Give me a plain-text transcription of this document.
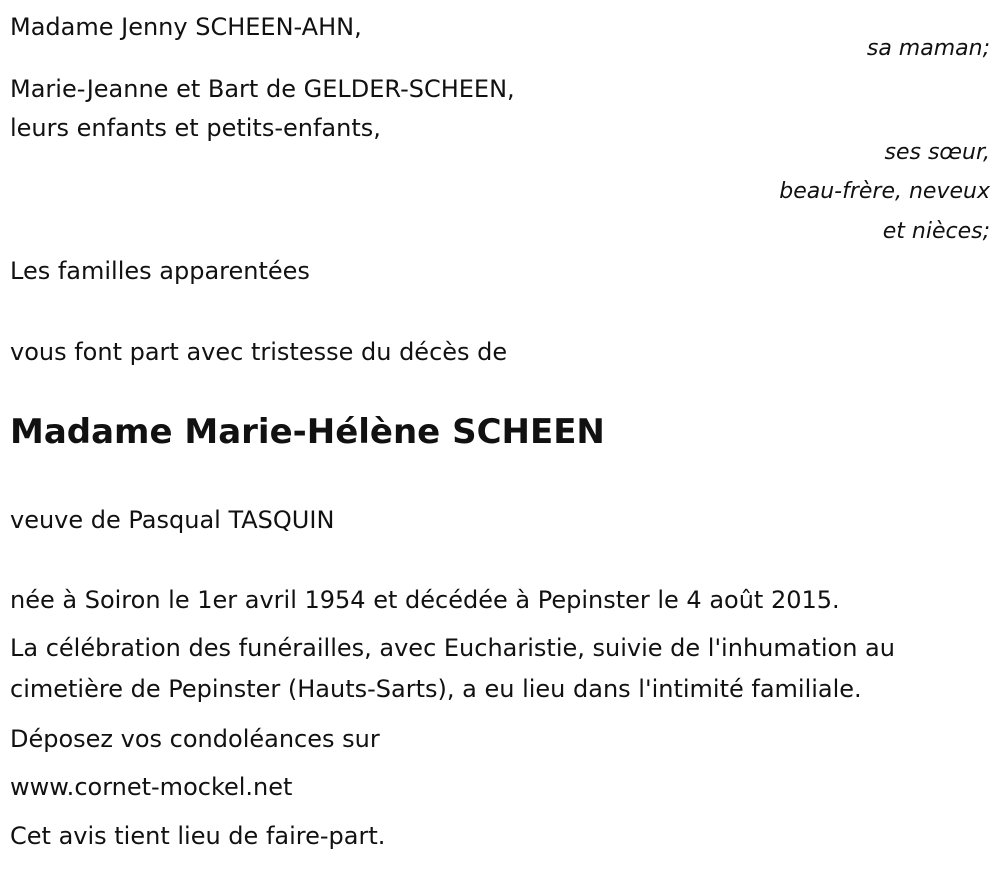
Madame Jenny SCHEEN-AHN,

sa maman;

Marie-Jeanne et Bart de GELDER-SCHEEN,

leurs enfants et petits-enfants,

ses sœur,

beau-frère, neveux

et nièces;

Les familles apparentées

vous font part avec tristesse du décès de

Madame Marie-Hélène SCHEEN

veuve de Pasqual TASQUIN

née à Soiron le 1er avril 1954 et décédée à Pepinster le 4 août 2015.

La célébration des funérailles, avec Eucharistie, suivie de l'inhumation au

cimetière de Pepinster (Hauts-Sarts), a eu lieu dans l'intimité familiale.

Déposez vos condoléances sur

www.cornet-mockel.net

Cet avis tient lieu de faire-part.
